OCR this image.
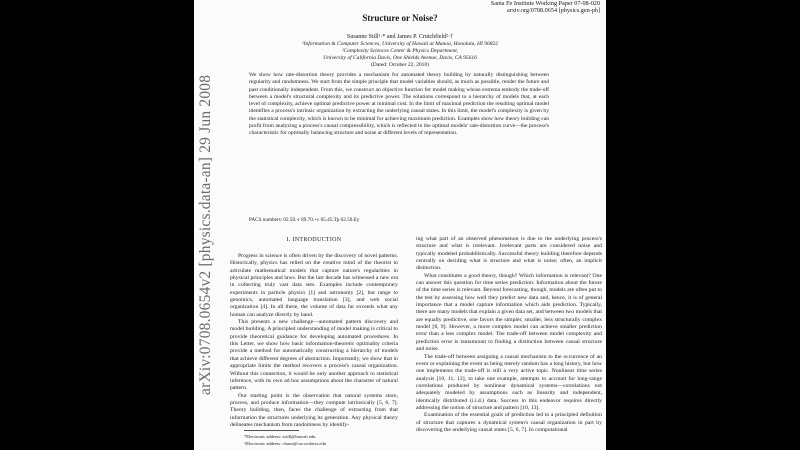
Santa Fe Institute Working Paper 07-08-020
arxiv.org/0708.0654 [physics.gen-ph]
Structure or Noise?
Susanne Still¹·* and James P. Crutchfield²·†
¹Information & Computer Sciences, University of Hawaii at Manoa, Honolulu, HI 96822
²Complexity Sciences Center & Physics Department,
University of California Davis, One Shields Avenue, Davis, CA 95616
(Dated: October 22, 2018)

We show how rate-distortion theory provides a mechanism for automated theory building by naturally distinguishing between regularity and randomness. We start from the simple principle that model variables should, as much as possible, render the future and past conditionally independent. From this, we construct an objective function for model making whose extrema embody the trade-off between a model's structural complexity and its predictive power. The solutions correspond to a hierarchy of models that, at each level of complexity, achieve optimal predictive power at minimal cost. In the limit of maximal prediction the resulting optimal model identifies a process's intrinsic organization by extracting the underlying causal states. In this limit, the model's complexity is given by the statistical complexity, which is known to be minimal for achieving maximum prediction. Examples show how theory building can profit from analyzing a process's causal compressibility, which is reflected in the optimal models' rate-distortion curve—the process's characteristic for optimally balancing structure and noise at different levels of representation.

PACS numbers: 02.50.-r 89.70.+c 05.45.Tp 02.50.Ey
I. INTRODUCTION

Progress in science is often driven by the discovery of novel patterns. Historically, physics has relied on the creative mind of the theorist to articulate mathematical models that capture nature's regularities in physical principles and laws. But the last decade has witnessed a new era in collecting truly vast data sets. Examples include contemporary experiments in particle physics [1] and astronomy [2], but range to genomics, automated language translation [3], and web social organization [4]. In all these, the volume of data far exceeds what any human can analyze directly by hand.

This presents a new challenge—automated pattern discovery and model building. A principled understanding of model making is critical to provide theoretical guidance for developing automated procedures. In this Letter, we show how basic information-theoretic optimality criteria provide a method for automatically constructing a hierarchy of models that achieve different degrees of abstraction. Importantly, we show that in appropriate limits the method recovers a process's causal organization. Without this connection, it would be only another approach to statistical inference, with its own ad hoc assumptions about the character of natural pattern.

Our starting point is the observation that natural systems store, process, and produce information—they compute intrinsically [5, 6, 7]. Theory building, then, faces the challenge of extracting from that information the structures underlying its generation. Any physical theory delineates mechanism from randomness by identify-

ing what part of an observed phenomenon is due to the underlying process's structure and what is irrelevant. Irrelevant parts are considered noise and typically modeled probabilistically. Successful theory building therefore depends centrally on deciding what is structure and what is noise; often, an implicit distinction.

What constitutes a good theory, though? Which information is relevant? One can answer this question for time series prediction: Information about the future of the time series is relevant. Beyond forecasting, though, models are often put to the test by assessing how well they predict new data and, hence, it is of general importance that a model capture information which aids prediction. Typically, there are many models that explain a given data set, and between two models that are equally predictive, one favors the simpler, smaller, less structurally complex model [8, 9]. However, a more complex model can achieve smaller prediction error than a less complex model. The trade-off between model complexity and prediction error is tantamount to finding a distinction between causal structure and noise.

The trade-off between assigning a causal mechanism to the occurrence of an event or explaining the event as being merely random has a long history, but how one implements the trade-off is still a very active topic. Nonlinear time series analysis [10, 11, 12], to take one example, attempts to account for long-range correlations produced by nonlinear dynamical systems—correlations not adequately modeled by assumptions such as linearity and independent, identically distributed (i.i.d.) data. Success in this endeavor requires directly addressing the notion of structure and pattern [10, 13].

Examination of the essential goals of prediction led to a principled definition of structure that captures a dynamical system's causal organization in part by discovering the underlying causal states [5, 6, 7]. In computational

*Electronic address: sstill@hawaii.edu
†Electronic address: chaos@cse.ucdavis.edu
arXiv:0708.0654v2 [physics.data-an] 29 Jun 2008
